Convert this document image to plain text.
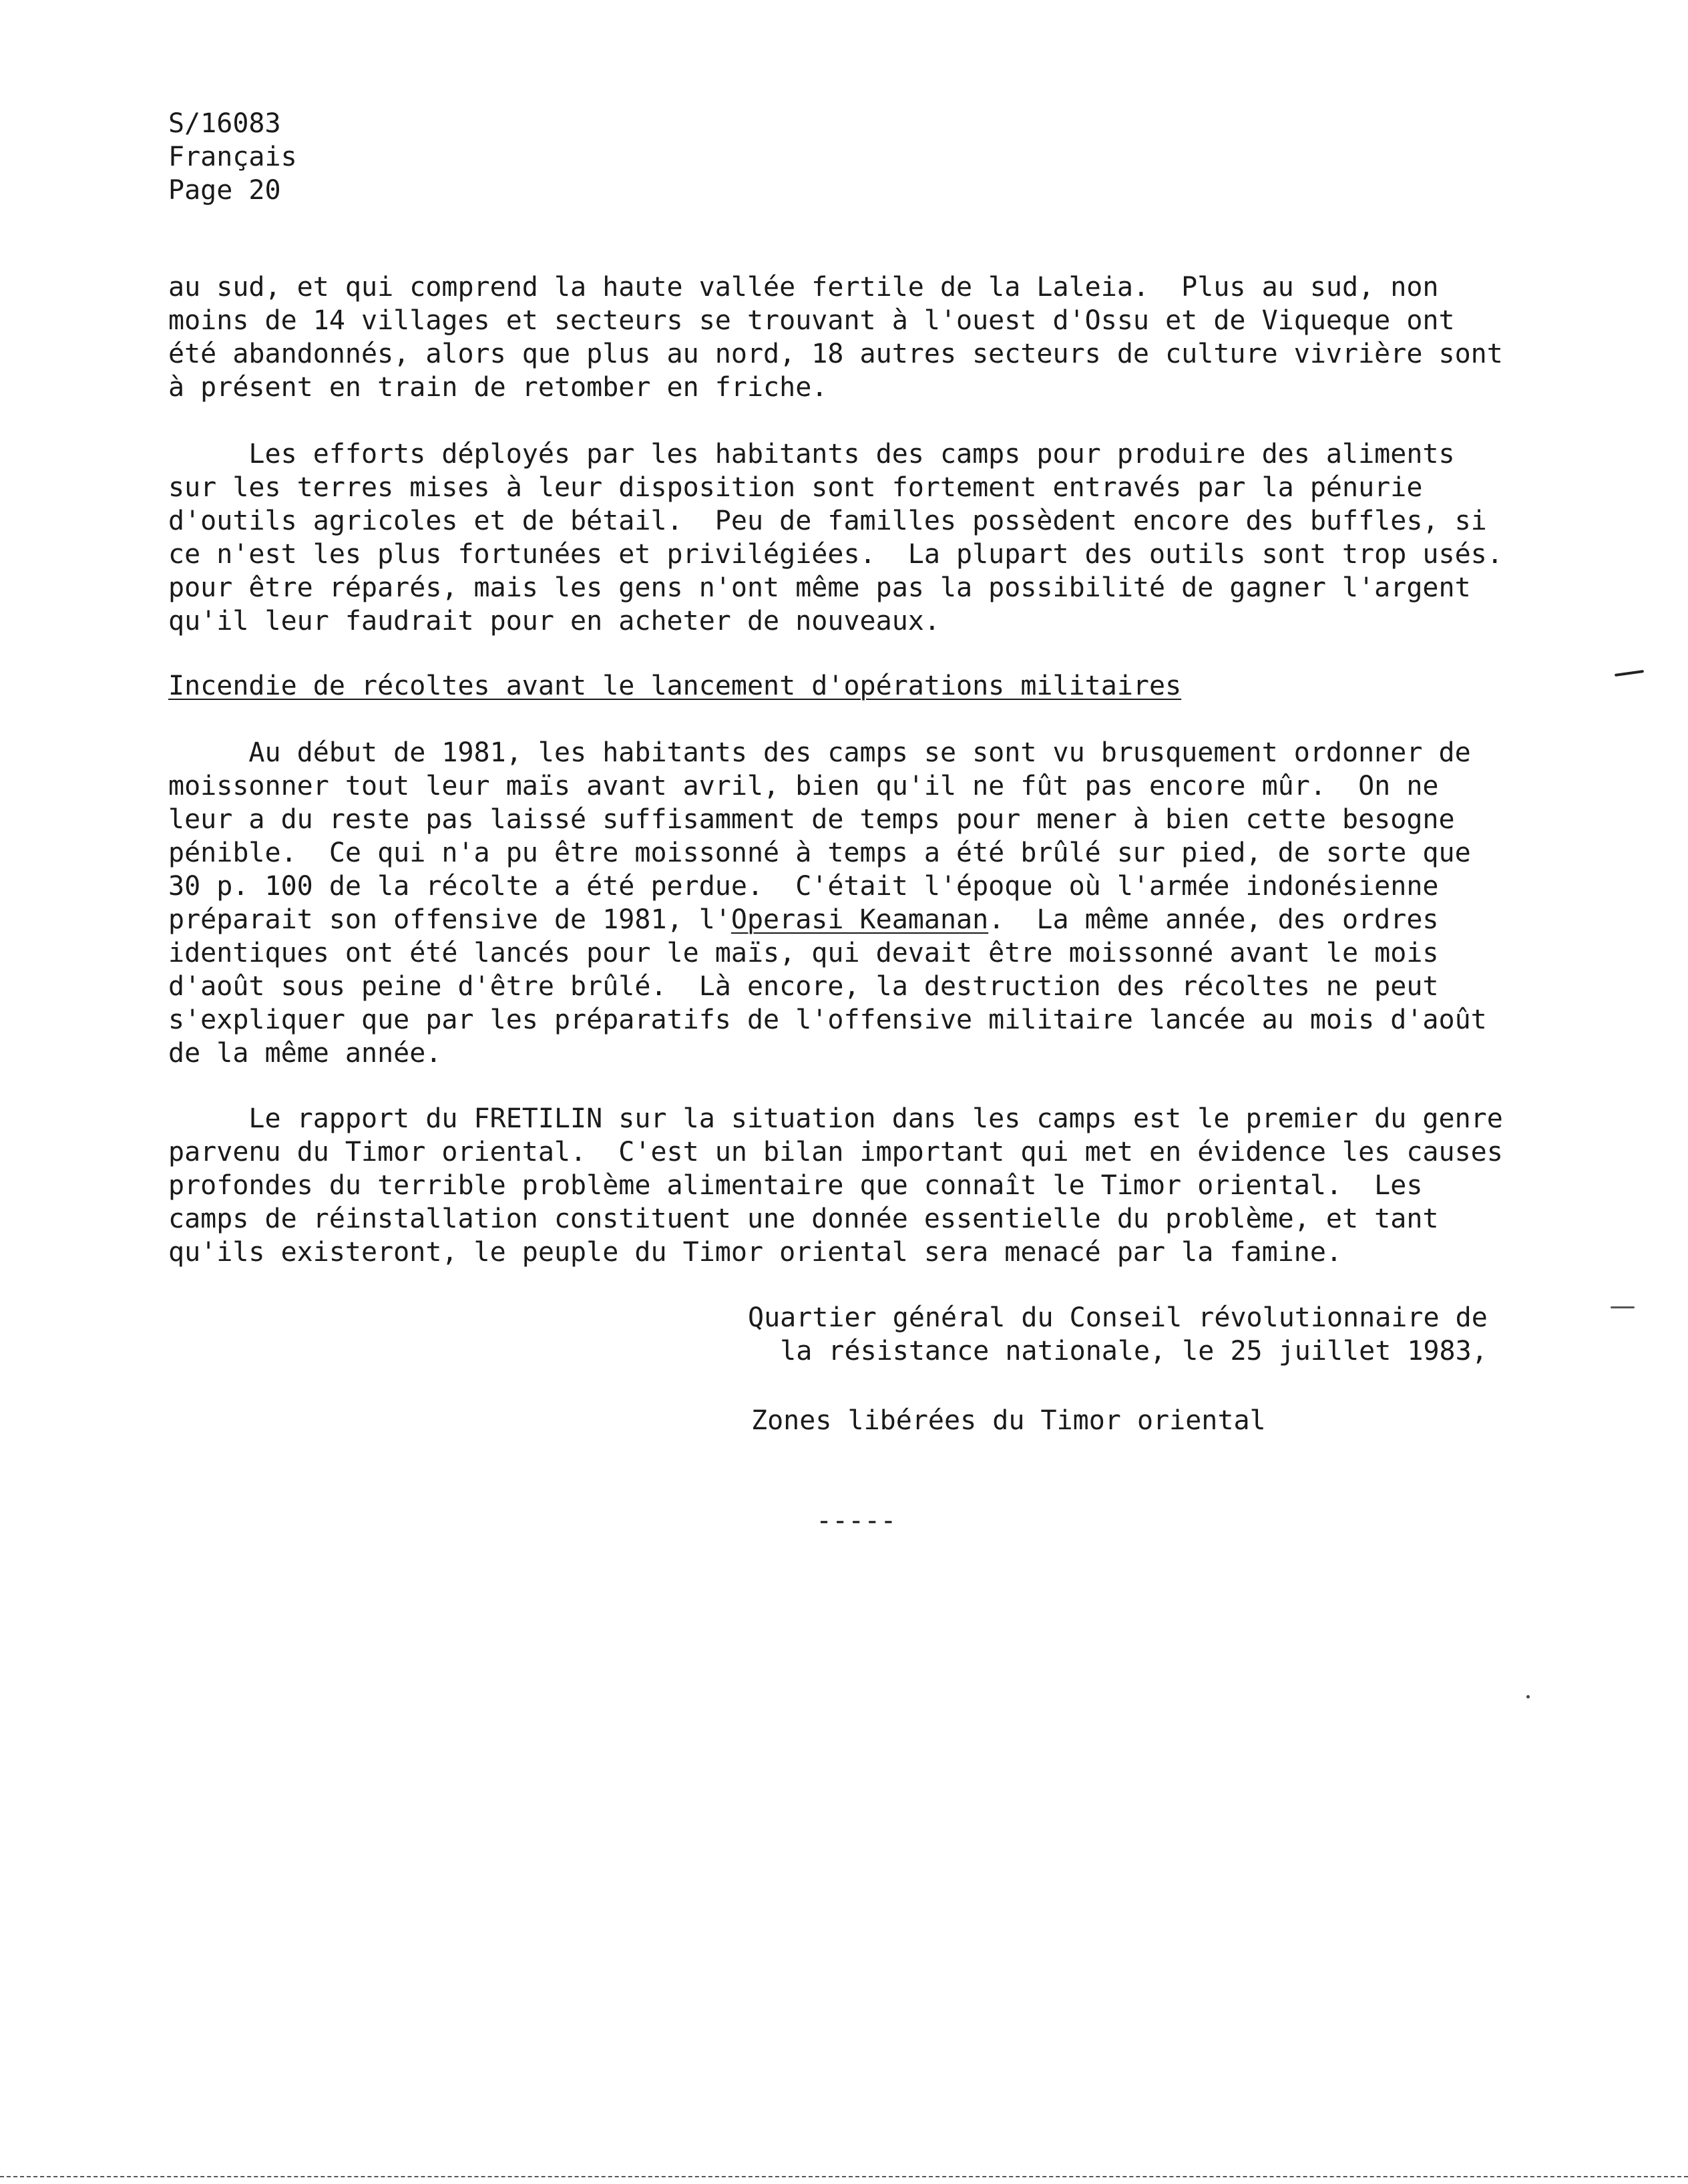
S/16083
Français
Page 20
au sud, et qui comprend la haute vallée fertile de la Laleia.  Plus au sud, non
moins de 14 villages et secteurs se trouvant à l'ouest d'Ossu et de Viqueque ont
été abandonnés, alors que plus au nord, 18 autres secteurs de culture vivrière sont
à présent en train de retomber en friche.
Les efforts déployés par les habitants des camps pour produire des aliments
sur les terres mises à leur disposition sont fortement entravés par la pénurie
d'outils agricoles et de bétail.  Peu de familles possèdent encore des buffles, si
ce n'est les plus fortunées et privilégiées.  La plupart des outils sont trop usés.
pour être réparés, mais les gens n'ont même pas la possibilité de gagner l'argent
qu'il leur faudrait pour en acheter de nouveaux.
Incendie de récoltes avant le lancement d'opérations militaires
Au début de 1981, les habitants des camps se sont vu brusquement ordonner de
moissonner tout leur maïs avant avril, bien qu'il ne fût pas encore mûr.  On ne
leur a du reste pas laissé suffisamment de temps pour mener à bien cette besogne
pénible.  Ce qui n'a pu être moissonné à temps a été brûlé sur pied, de sorte que
30 p. 100 de la récolte a été perdue.  C'était l'époque où l'armée indonésienne
préparait son offensive de 1981, l'Operasi Keamanan.  La même année, des ordres
identiques ont été lancés pour le maïs, qui devait être moissonné avant le mois
d'août sous peine d'être brûlé.  Là encore, la destruction des récoltes ne peut
s'expliquer que par les préparatifs de l'offensive militaire lancée au mois d'août
de la même année.
Le rapport du FRETILIN sur la situation dans les camps est le premier du genre
parvenu du Timor oriental.  C'est un bilan important qui met en évidence les causes
profondes du terrible problème alimentaire que connaît le Timor oriental.  Les
camps de réinstallation constituent une donnée essentielle du problème, et tant
qu'ils existeront, le peuple du Timor oriental sera menacé par la famine.
Quartier général du Conseil révolutionnaire de
la résistance nationale, le 25 juillet 1983,
Zones libérées du Timor oriental
-----
